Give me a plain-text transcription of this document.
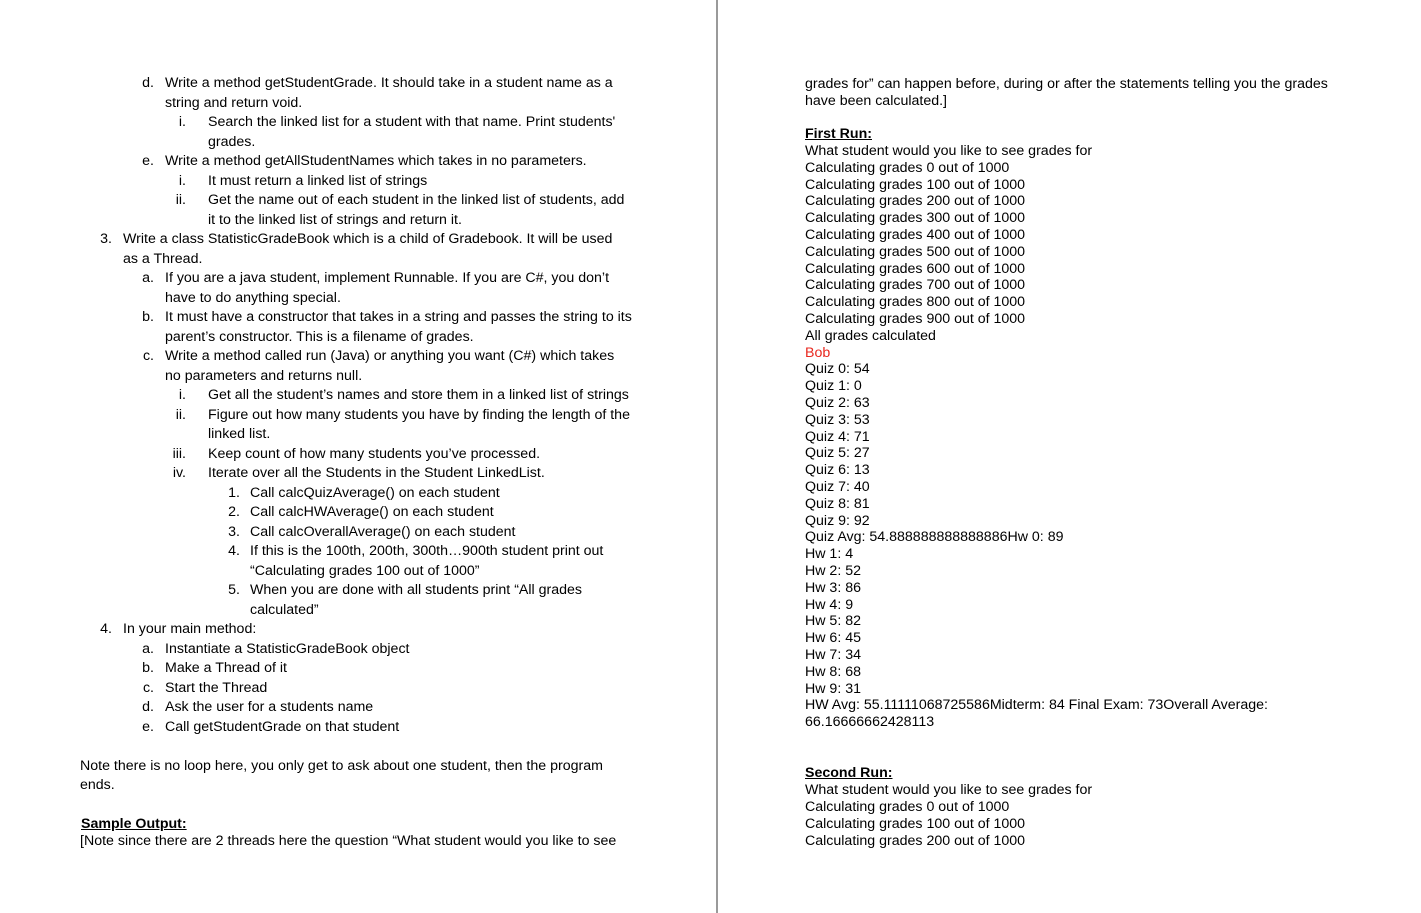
d. Write a method getStudentGrade. It should take in a student name as a
string and return void.
i. Search the linked list for a student with that name. Print students'
grades.
e. Write a method getAllStudentNames which takes in no parameters.
i. It must return a linked list of strings
ii. Get the name out of each student in the linked list of students, add
it to the linked list of strings and return it.
3. Write a class StatisticGradeBook which is a child of Gradebook. It will be used
as a Thread.
a. If you are a java student, implement Runnable. If you are C#, you don’t
have to do anything special.
b. It must have a constructor that takes in a string and passes the string to its
parent’s constructor. This is a filename of grades.
c. Write a method called run (Java) or anything you want (C#) which takes
no parameters and returns null.
i. Get all the student’s names and store them in a linked list of strings
ii. Figure out how many students you have by finding the length of the
linked list.
iii. Keep count of how many students you’ve processed.
iv. Iterate over all the Students in the Student LinkedList.
1. Call calcQuizAverage() on each student
2. Call calcHWAverage() on each student
3. Call calcOverallAverage() on each student
4. If this is the 100th, 200th, 300th…900th student print out
“Calculating grades 100 out of 1000”
5. When you are done with all students print “All grades
calculated”
4. In your main method:
a. Instantiate a StatisticGradeBook object
b. Make a Thread of it
c. Start the Thread
d. Ask the user for a students name
e. Call getStudentGrade on that student
Note there is no loop here, you only get to ask about one student, then the program
ends.
Sample Output:
[Note since there are 2 threads here the question “What student would you like to see
grades for” can happen before, during or after the statements telling you the grades
have been calculated.]
First Run:
What student would you like to see grades for
Calculating grades 0 out of 1000
Calculating grades 100 out of 1000
Calculating grades 200 out of 1000
Calculating grades 300 out of 1000
Calculating grades 400 out of 1000
Calculating grades 500 out of 1000
Calculating grades 600 out of 1000
Calculating grades 700 out of 1000
Calculating grades 800 out of 1000
Calculating grades 900 out of 1000
All grades calculated
Bob
Quiz 0: 54
Quiz 1: 0
Quiz 2: 63
Quiz 3: 53
Quiz 4: 71
Quiz 5: 27
Quiz 6: 13
Quiz 7: 40
Quiz 8: 81
Quiz 9: 92
Quiz Avg: 54.888888888888886Hw 0: 89
Hw 1: 4
Hw 2: 52
Hw 3: 86
Hw 4: 9
Hw 5: 82
Hw 6: 45
Hw 7: 34
Hw 8: 68
Hw 9: 31
HW Avg: 55.11111068725586Midterm: 84 Final Exam: 73Overall Average:
66.16666662428113
Second Run:
What student would you like to see grades for
Calculating grades 0 out of 1000
Calculating grades 100 out of 1000
Calculating grades 200 out of 1000
